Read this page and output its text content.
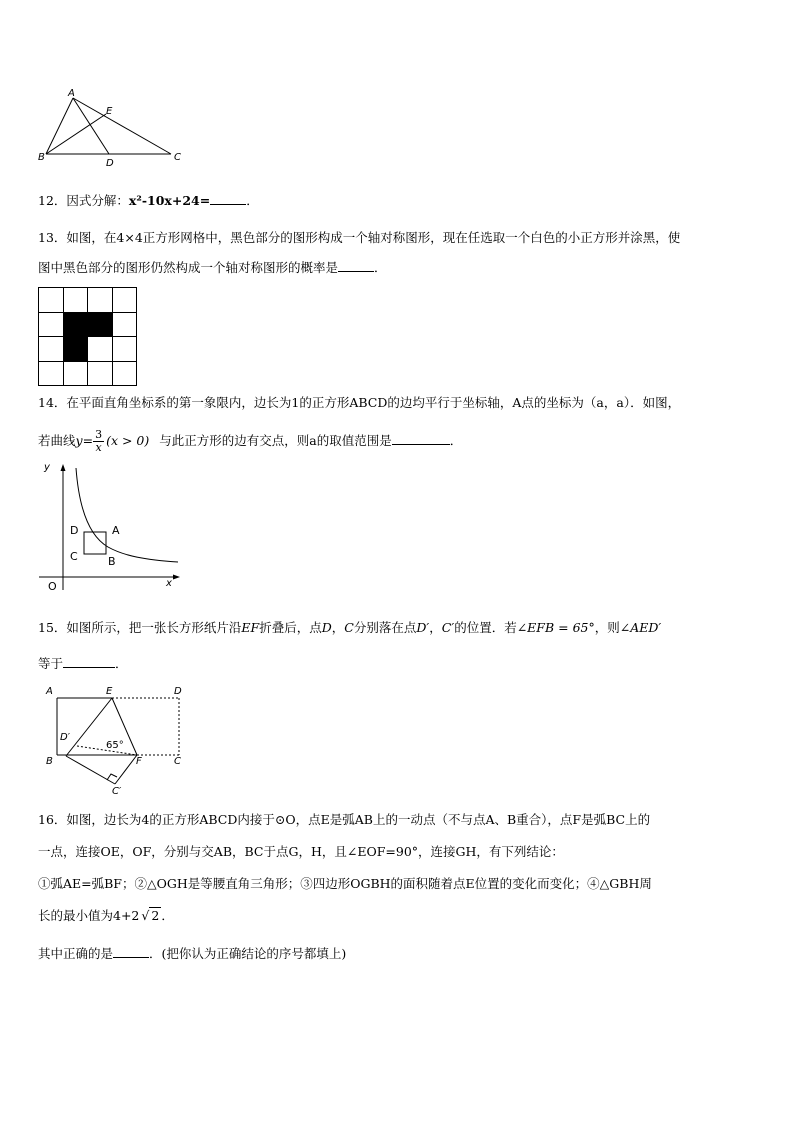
A
E
B
D
C
12．因式分解：x²-10x+24=	．
13．如图，在4×4正方形网格中，黑色部分的图形构成一个轴对称图形，现在任选取一个白色的小正方形并涂黑，使
图中黑色部分的图形仍然构成一个轴对称图形的概率是	．
14．在平面直角坐标系的第一象限内，边长为1的正方形ABCD的边均平行于坐标轴，A点的坐标为（a，a）．如图，
若曲线$y= \frac{3}{x} (x > 0)$ 与此正方形的边有交点，则a的取值范围是	．
y
x
O
D	A
C	B
15．如图所示，把一张长方形纸片沿EF折叠后，点D，C分别落在点D′，C′的位置．若∠EFB = 65°，则∠AED′
等于	．
A	E	D
D′
65°
B	F	C
C′
16．如图，边长为4的正方形ABCD内接于⊙O，点E是弧AB上的一动点（不与点A、B重合），点F是弧BC上的
一点，连接OE，OF，分别与交AB，BC于点G，H，且∠EOF=90°，连接GH，有下列结论：
①弧AE=弧BF；②△OGH是等腰直角三角形；③四边形OGBH的面积随着点E位置的变化而变化；④△GBH周
长的最小值为4+2 √ 2 ．
其中正确的是	．(把你认为正确结论的序号都填上)
